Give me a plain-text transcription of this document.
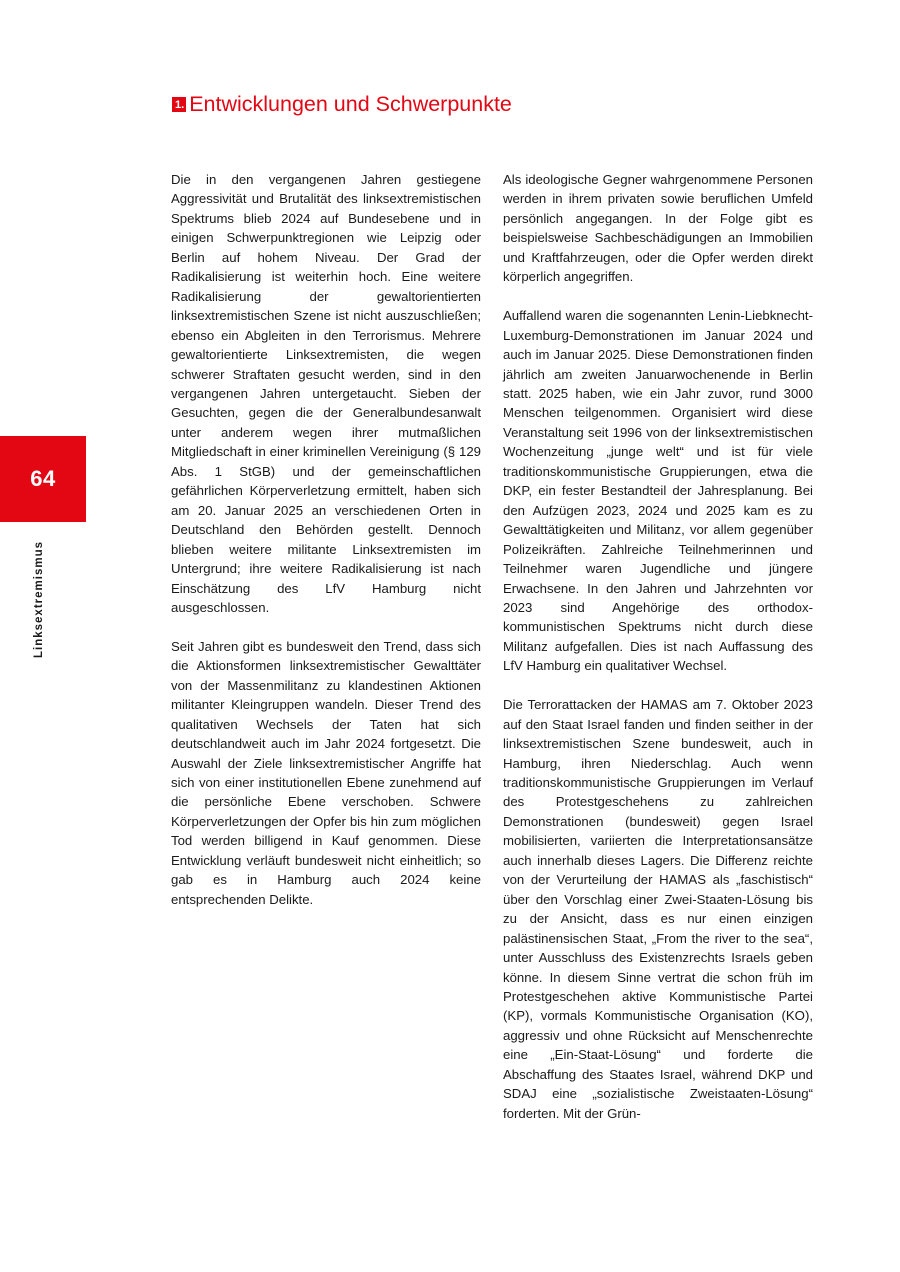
64
Linksextremismus
1. Entwicklungen und Schwerpunkte

Die in den vergangenen Jahren gestiegene Aggressivität und Brutalität des linksextremistischen Spektrums blieb 2024 auf Bundesebene und in einigen Schwerpunktregionen wie Leipzig oder Berlin auf hohem Niveau. Der Grad der Radikalisierung ist weiterhin hoch. Eine weitere Radikalisierung der gewaltorientierten linksextremistischen Szene ist nicht auszuschließen; ebenso ein Abgleiten in den Terrorismus. Mehrere gewaltorientierte Linksextremisten, die wegen schwerer Straftaten gesucht werden, sind in den vergangenen Jahren untergetaucht. Sieben der Gesuchten, gegen die der Generalbundesanwalt unter anderem wegen ihrer mutmaßlichen Mitgliedschaft in einer kriminellen Vereinigung (§ 129 Abs. 1 StGB) und der gemeinschaftlichen gefährlichen Körperverletzung ermittelt, haben sich am 20. Januar 2025 an verschiedenen Orten in Deutschland den Behörden gestellt. Dennoch blieben weitere militante Linksextremisten im Untergrund; ihre weitere Radikalisierung ist nach Einschätzung des LfV Hamburg nicht ausgeschlossen.

Seit Jahren gibt es bundesweit den Trend, dass sich die Aktionsformen linksextremistischer Gewalttäter von der Massenmilitanz zu klandestinen Aktionen militanter Kleingruppen wandeln. Dieser Trend des qualitativen Wechsels der Taten hat sich deutschlandweit auch im Jahr 2024 fortgesetzt. Die Auswahl der Ziele linksextremistischer Angriffe hat sich von einer institutionellen Ebene zunehmend auf die persönliche Ebene verschoben. Schwere Körperverletzungen der Opfer bis hin zum möglichen Tod werden billigend in Kauf genommen. Diese Entwicklung verläuft bundesweit nicht einheitlich; so gab es in Hamburg auch 2024 keine entsprechenden Delikte.

Als ideologische Gegner wahrgenommene Personen werden in ihrem privaten sowie beruflichen Umfeld persönlich angegangen. In der Folge gibt es beispielsweise Sachbeschädigungen an Immobilien und Kraftfahrzeugen, oder die Opfer werden direkt körperlich angegriffen.

Auffallend waren die sogenannten Lenin-Liebknecht-Luxemburg-Demonstrationen im Januar 2024 und auch im Januar 2025. Diese Demonstrationen finden jährlich am zweiten Januarwochenende in Berlin statt. 2025 haben, wie ein Jahr zuvor, rund 3000 Menschen teilgenommen. Organisiert wird diese Veranstaltung seit 1996 von der linksextremistischen Wochenzeitung „junge welt“ und ist für viele traditionskommunistische Gruppierungen, etwa die DKP, ein fester Bestandteil der Jahresplanung. Bei den Aufzügen 2023, 2024 und 2025 kam es zu Gewalttätigkeiten und Militanz, vor allem gegenüber Polizeikräften. Zahlreiche Teilnehmerinnen und Teilnehmer waren Jugendliche und jüngere Erwachsene. In den Jahren und Jahrzehnten vor 2023 sind Angehörige des orthodox-kommunistischen Spektrums nicht durch diese Militanz aufgefallen. Dies ist nach Auffassung des LfV Hamburg ein qualitativer Wechsel.

Die Terrorattacken der HAMAS am 7. Oktober 2023 auf den Staat Israel fanden und finden seither in der linksextremistischen Szene bundesweit, auch in Hamburg, ihren Niederschlag. Auch wenn traditionskommunistische Gruppierungen im Verlauf des Protestgeschehens zu zahlreichen Demonstrationen (bundesweit) gegen Israel mobilisierten, variierten die Interpretationsansätze auch innerhalb dieses Lagers. Die Differenz reichte von der Verurteilung der HAMAS als „faschistisch“ über den Vorschlag einer Zwei-Staaten-Lösung bis zu der Ansicht, dass es nur einen einzigen palästinensischen Staat, „From the river to the sea“, unter Ausschluss des Existenzrechts Israels geben könne. In diesem Sinne vertrat die schon früh im Protestgeschehen aktive Kommunistische Partei (KP), vormals Kommunistische Organisation (KO), aggressiv und ohne Rücksicht auf Menschenrechte eine „Ein-Staat-Lösung“ und forderte die Abschaffung des Staates Israel, während DKP und SDAJ eine „sozialistische Zweistaaten-Lösung“ forderten. Mit der Grün-
